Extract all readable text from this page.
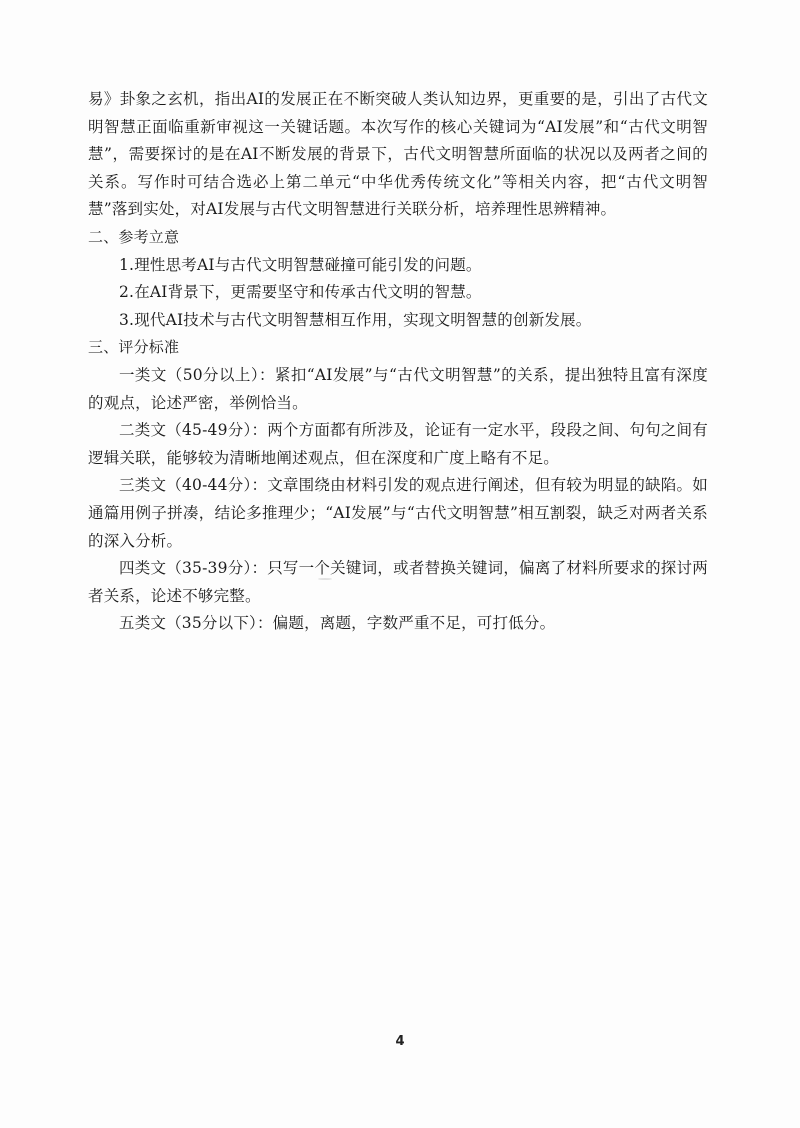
易》卦象之玄机，指出AI的发展正在不断突破人类认知边界，更重要的是，引出了古代文明智慧正面临重新审视这一关键话题。本次写作的核心关键词为“AI发展”和“古代文明智慧”，需要探讨的是在AI不断发展的背景下，古代文明智慧所面临的状况以及两者之间的关系。写作时可结合选必上第二单元“中华优秀传统文化”等相关内容，把“古代文明智慧”落到实处，对AI发展与古代文明智慧进行关联分析，培养理性思辨精神。

二、参考立意

1.理性思考AI与古代文明智慧碰撞可能引发的问题。

2.在AI背景下，更需要坚守和传承古代文明的智慧。

3.现代AI技术与古代文明智慧相互作用，实现文明智慧的创新发展。

三、评分标准

一类文（50分以上）：紧扣“AI发展”与“古代文明智慧”的关系，提出独特且富有深度的观点，论述严密，举例恰当。

二类文（45-49分）：两个方面都有所涉及，论证有一定水平，段段之间、句句之间有逻辑关联，能够较为清晰地阐述观点，但在深度和广度上略有不足。

三类文（40-44分）：文章围绕由材料引发的观点进行阐述，但有较为明显的缺陷。如通篇用例子拼凑，结论多推理少；“AI发展”与“古代文明智慧”相互割裂，缺乏对两者关系的深入分析。

四类文（35-39分）：只写一个关键词，或者替换关键词，偏离了材料所要求的探讨两者关系，论述不够完整。

五类文（35分以下）：偏题，离题，字数严重不足，可打低分。

4
